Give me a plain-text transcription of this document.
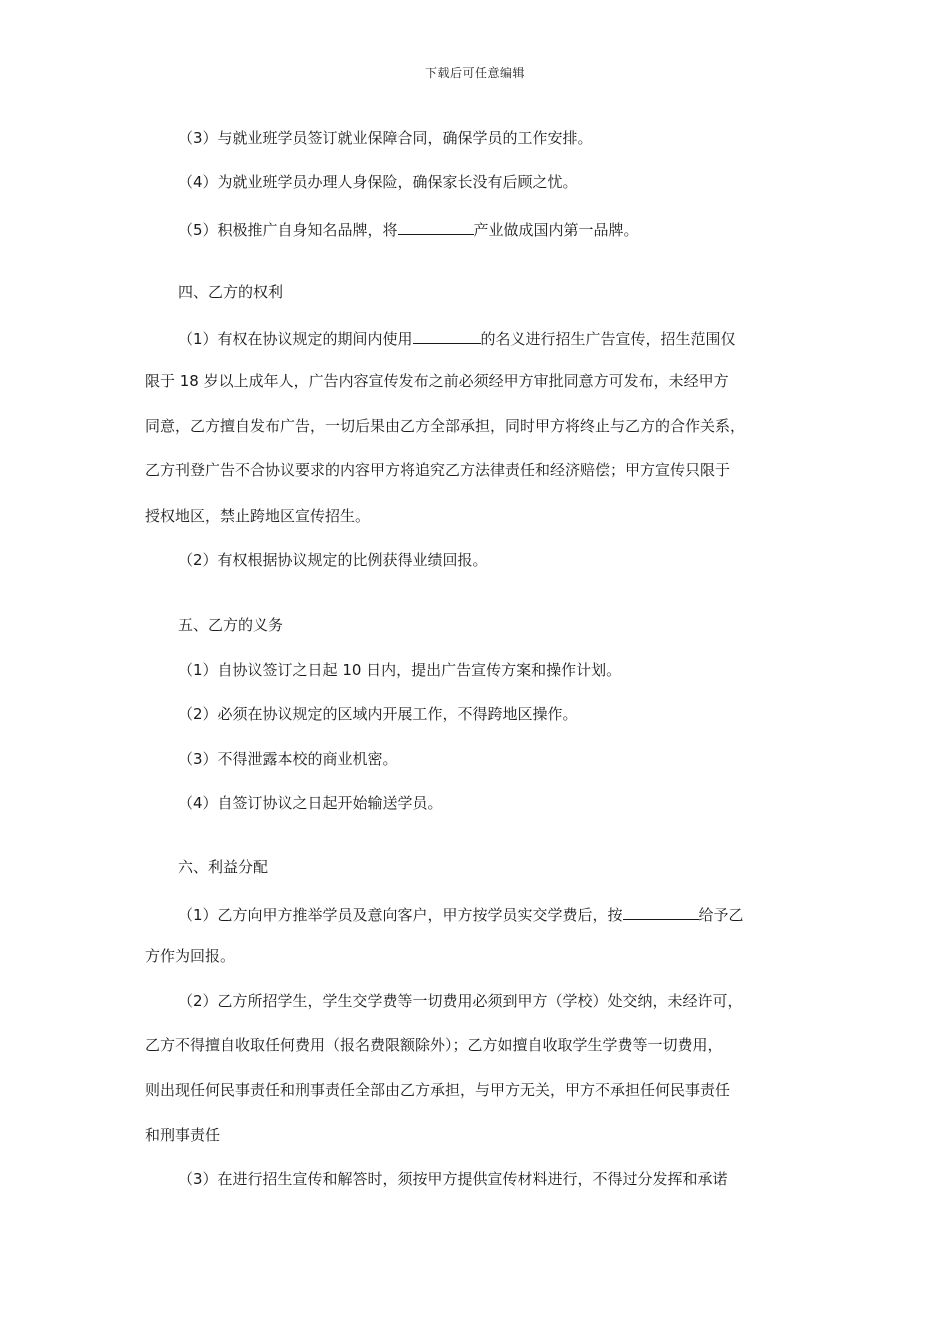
下载后可任意编辑
（3）与就业班学员签订就业保障合同，确保学员的工作安排。
（4）为就业班学员办理人身保险，确保家长没有后顾之忧。
（5）积极推广自身知名品牌，将	产业做成国内第一品牌。
四、乙方的权利
（1）有权在协议规定的期间内使用	的名义进行招生广告宣传，招生范围仅
限于 18 岁以上成年人，广告内容宣传发布之前必须经甲方审批同意方可发布，未经甲方
同意，乙方擅自发布广告，一切后果由乙方全部承担，同时甲方将终止与乙方的合作关系，
乙方刊登广告不合协议要求的内容甲方将追究乙方法律责任和经济赔偿；甲方宣传只限于
授权地区，禁止跨地区宣传招生。
（2）有权根据协议规定的比例获得业绩回报。
五、乙方的义务
（1）自协议签订之日起 10 日内，提出广告宣传方案和操作计划。
（2）必须在协议规定的区域内开展工作，不得跨地区操作。
（3）不得泄露本校的商业机密。
（4）自签订协议之日起开始输送学员。
六、利益分配
（1）乙方向甲方推举学员及意向客户，甲方按学员实交学费后，按	给予乙
方作为回报。
（2）乙方所招学生，学生交学费等一切费用必须到甲方（学校）处交纳，未经许可，
乙方不得擅自收取任何费用（报名费限额除外）；乙方如擅自收取学生学费等一切费用，
则出现任何民事责任和刑事责任全部由乙方承担，与甲方无关，甲方不承担任何民事责任
和刑事责任
（3）在进行招生宣传和解答时，须按甲方提供宣传材料进行，不得过分发挥和承诺
